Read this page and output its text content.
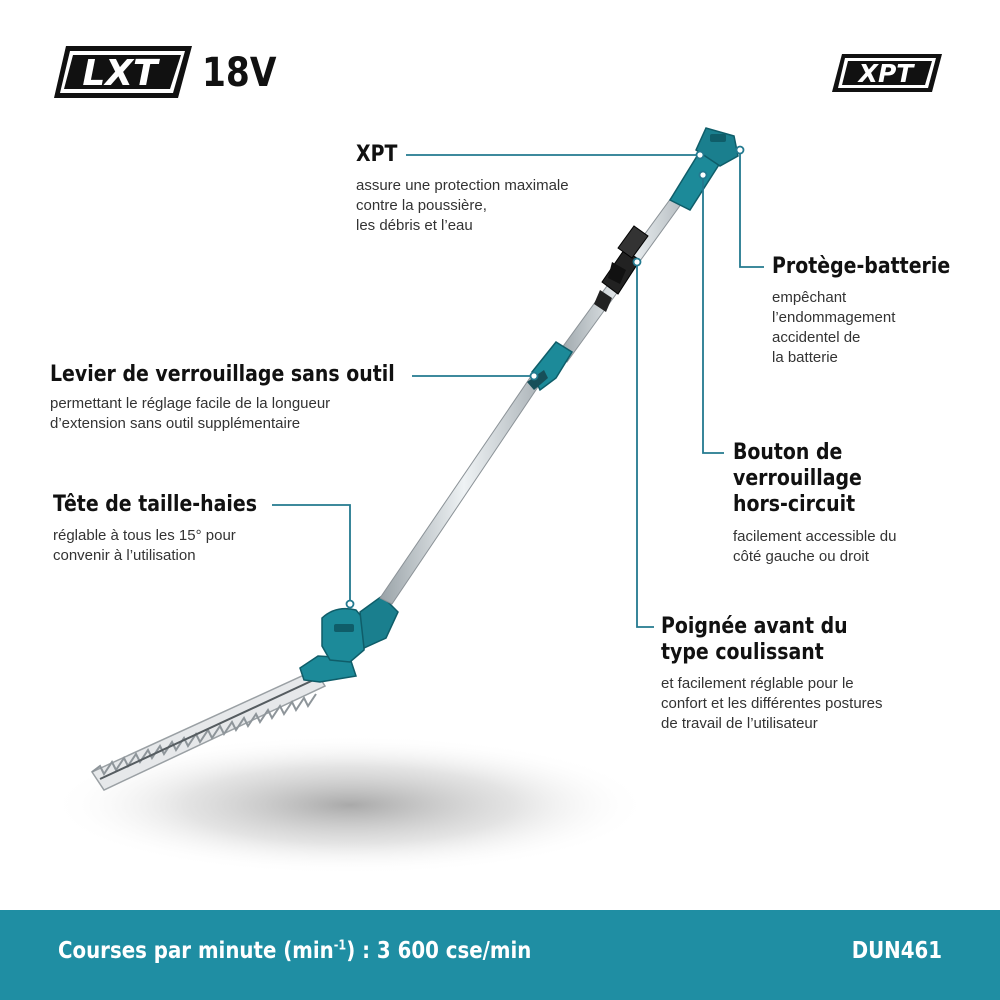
LXT 18V	XPT
XPT
assure une protection maximale
contre la poussière,
les débris et l’eau
Protège-batterie
empêchant
l’endommagement
accidentel de
la batterie
Levier de verrouillage sans outil
permettant le réglage facile de la longueur
d’extension sans outil supplémentaire
Bouton de
verrouillage
hors-circuit
facilement accessible du
côté gauche ou droit
Tête de taille-haies
réglable à tous les 15° pour
convenir à l’utilisation
Poignée avant du
type coulissant
et facilement réglable pour le
confort et les différentes postures
de travail de l’utilisateur
Courses par minute $(\min^{-1})$ : 3 600 cse/min	DUN461
